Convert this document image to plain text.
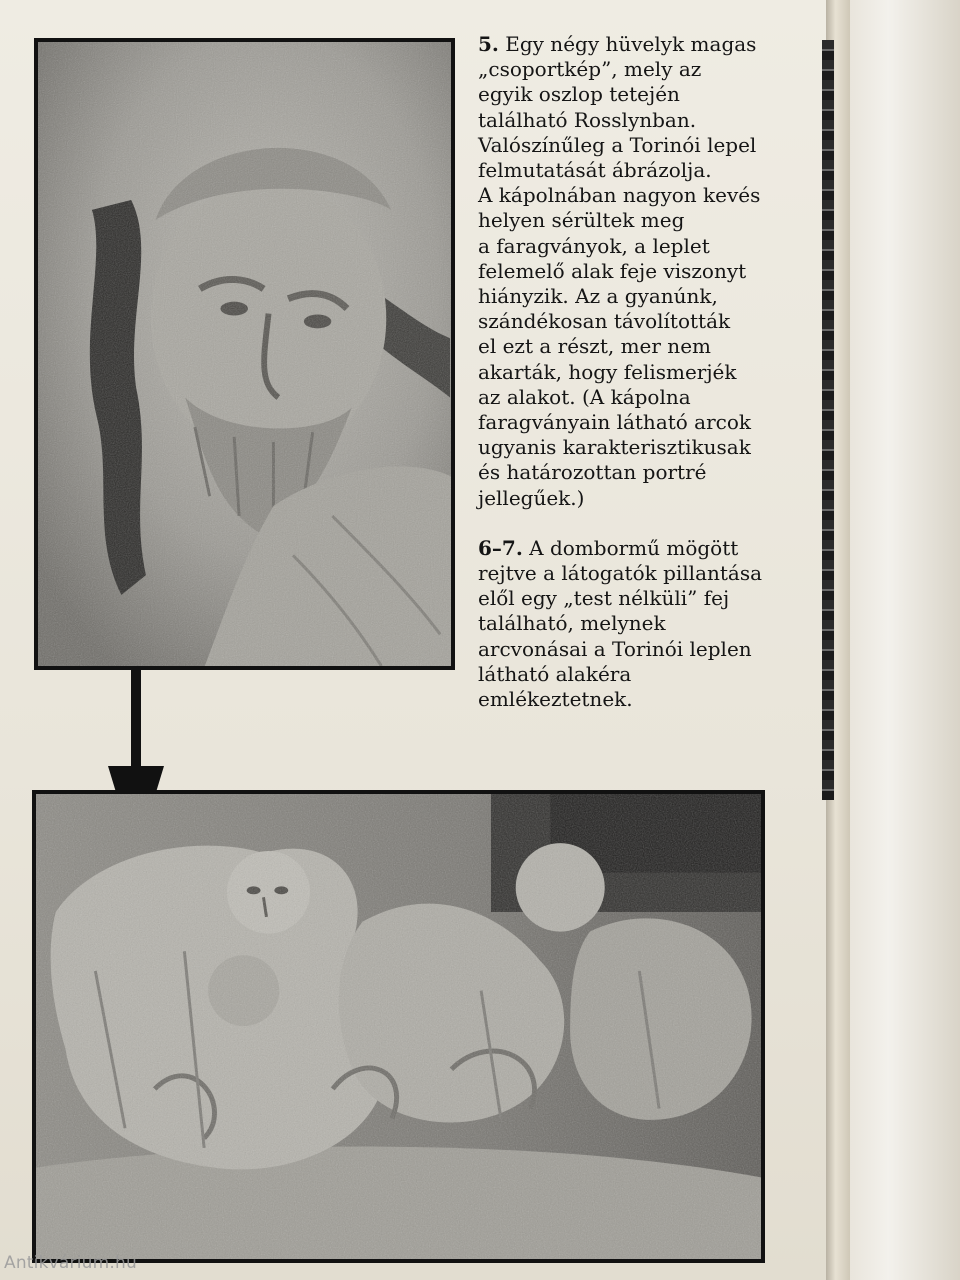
5. Egy négy hüvelyk magas
„csoportkép”, mely az
egyik oszlop tetején
található Rosslynban.
Valószínűleg a Torinói lepel
felmutatását ábrázolja.
A kápolnában nagyon kevés
helyen sérültek meg
a faragványok, a leplet
felemelő alak feje viszonyt
hiányzik. Az a gyanúnk,
szándékosan távolították
el ezt a részt, mer nem
akarták, hogy felismerjék
az alakot. (A kápolna
faragványain látható arcok
ugyanis karakterisztikusak
és határozottan portré
jellegűek.)
6–7. A dombormű mögött
rejtve a látogatók pillantása
elől egy „test nélküli” fej
található, melynek
arcvonásai a Torinói leplen
látható alakéra
emlékeztetnek.
Antikvárium.hu
